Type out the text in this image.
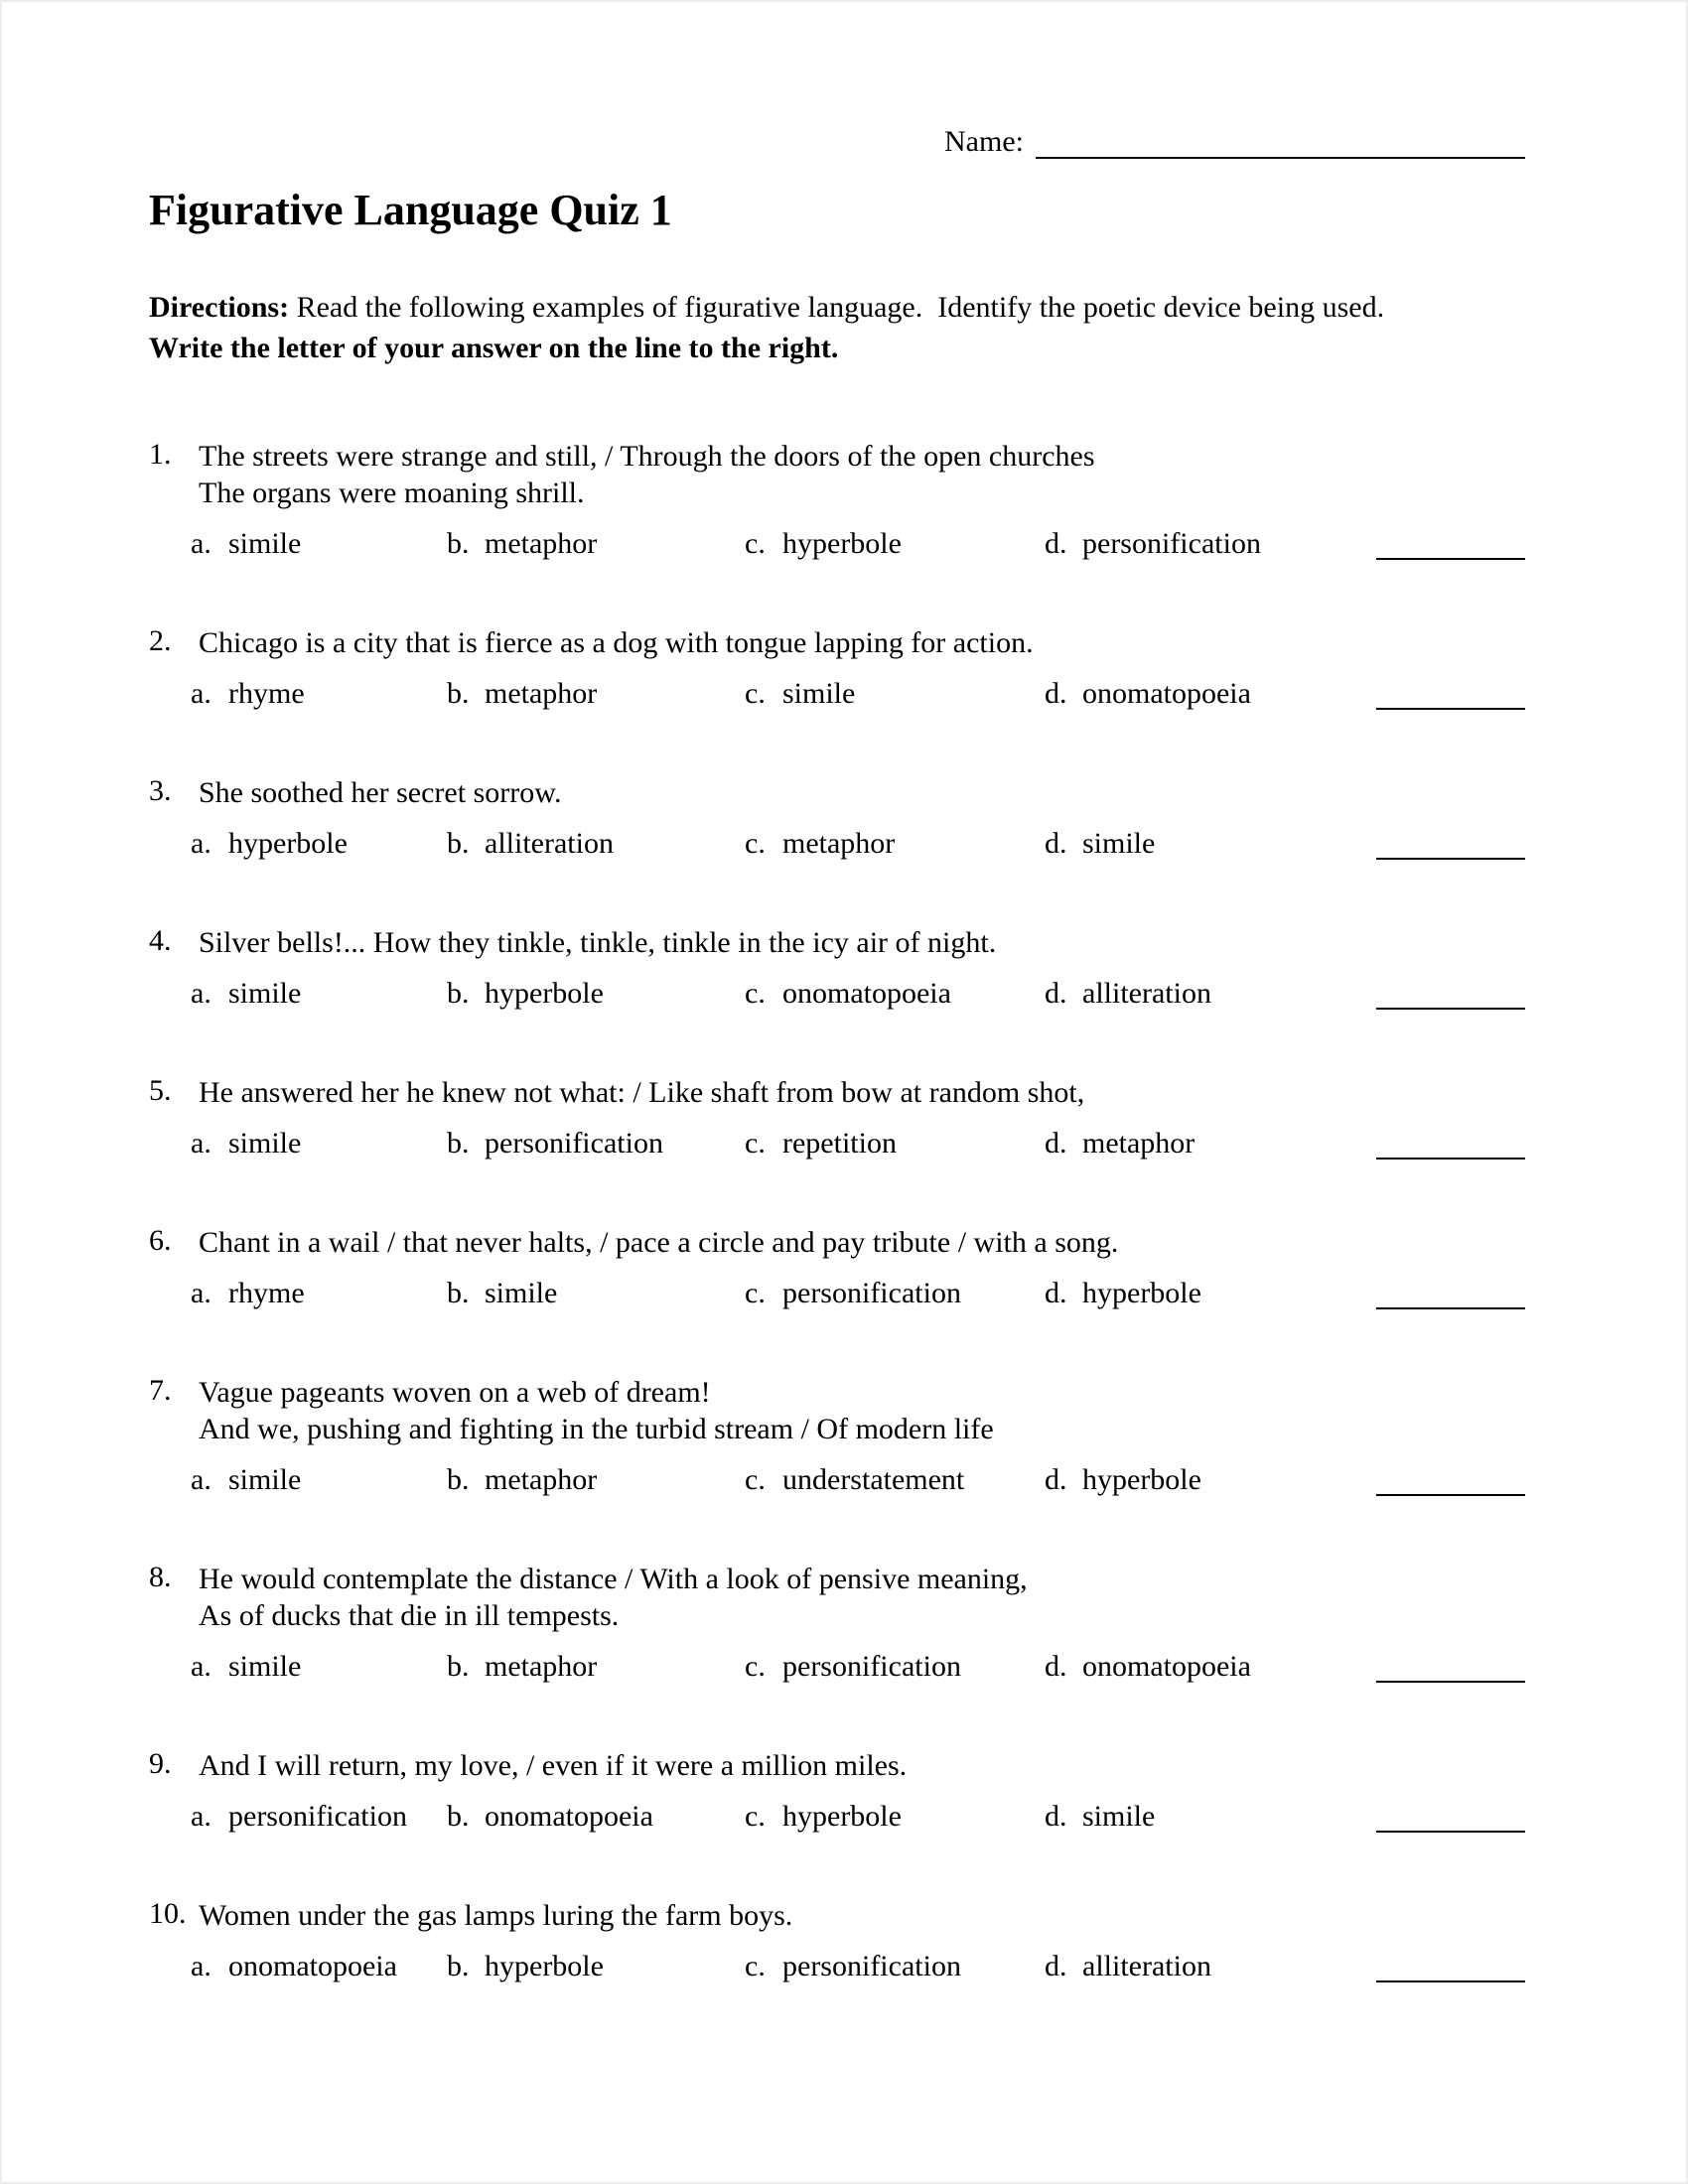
Name:
Figurative Language Quiz 1

Directions: Read the following examples of figurative language.  Identify the poetic device being used.
Write the letter of your answer on the line to the right.

1. The streets were strange and still, / Through the doors of the open churches
The organs were moaning shrill.
a. simile	b. metaphor	c. hyperbole	d. personification
2. Chicago is a city that is fierce as a dog with tongue lapping for action.
a. rhyme	b. metaphor	c. simile	d. onomatopoeia
3. She soothed her secret sorrow.
a. hyperbole	b. alliteration	c. metaphor	d. simile
4. Silver bells!... How they tinkle, tinkle, tinkle in the icy air of night.
a. simile	b. hyperbole	c. onomatopoeia	d. alliteration
5. He answered her he knew not what: / Like shaft from bow at random shot,
a. simile	b. personification	c. repetition	d. metaphor
6. Chant in a wail / that never halts, / pace a circle and pay tribute / with a song.
a. rhyme	b. simile	c. personification	d. hyperbole
7. Vague pageants woven on a web of dream!
And we, pushing and fighting in the turbid stream / Of modern life
a. simile	b. metaphor	c. understatement	d. hyperbole
8. He would contemplate the distance / With a look of pensive meaning,
As of ducks that die in ill tempests.
a. simile	b. metaphor	c. personification	d. onomatopoeia
9. And I will return, my love, / even if it were a million miles.
a. personification	b. onomatopoeia	c. hyperbole	d. simile
10. Women under the gas lamps luring the farm boys.
a. onomatopoeia	b. hyperbole	c. personification	d. alliteration
